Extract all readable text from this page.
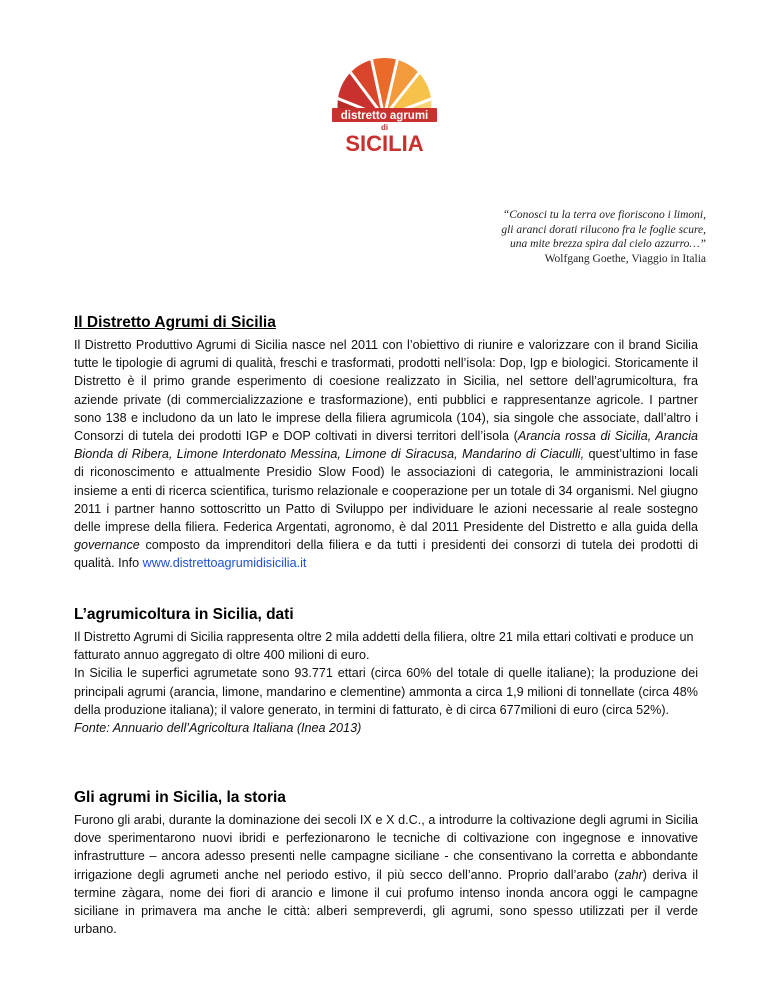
distretto agrumi
di
SICILIA
“Conosci tu la terra ove fioriscono i limoni,
gli aranci dorati rilucono fra le foglie scure,
una mite brezza spira dal cielo azzurro…”
Wolfgang Goethe, Viaggio in Italia
Il Distretto Agrumi di Sicilia

Il Distretto Produttivo Agrumi di Sicilia nasce nel 2011 con l’obiettivo di riunire e valorizzare con il brand Sicilia tutte le tipologie di agrumi di qualità, freschi e trasformati, prodotti nell’isola: Dop, Igp e biologici. Storicamente il Distretto è il primo grande esperimento di coesione realizzato in Sicilia, nel settore dell’agrumicoltura, fra aziende private (di commercializzazione e trasformazione), enti pubblici e rappresentanze agricole. I partner sono 138 e includono da un lato le imprese della filiera agrumicola (104), sia singole che associate, dall’altro i Consorzi di tutela dei prodotti IGP e DOP coltivati in diversi territori dell’isola (Arancia rossa di Sicilia, Arancia Bionda di Ribera, Limone Interdonato Messina, Limone di Siracusa, Mandarino di Ciaculli, quest’ultimo in fase di riconoscimento e attualmente Presidio Slow Food) le associazioni di categoria, le amministrazioni locali insieme a enti di ricerca scientifica, turismo relazionale e cooperazione per un totale di 34 organismi. Nel giugno 2011 i partner hanno sottoscritto un Patto di Sviluppo per individuare le azioni necessarie al reale sostegno delle imprese della filiera. Federica Argentati, agronomo, è dal 2011 Presidente del Distretto e alla guida della governance composto da imprenditori della filiera e da tutti i presidenti dei consorzi di tutela dei prodotti di qualità. Info www.distrettoagrumidisicilia.it

L’agrumicoltura in Sicilia, dati

Il Distretto Agrumi di Sicilia rappresenta oltre 2 mila addetti della filiera, oltre 21 mila ettari coltivati e produce un fatturato annuo aggregato di oltre 400 milioni di euro.

In Sicilia le superfici agrumetate sono 93.771 ettari (circa 60% del totale di quelle italiane); la produzione dei principali agrumi (arancia, limone, mandarino e clementine) ammonta a circa 1,9 milioni di tonnellate (circa 48% della produzione italiana); il valore generato, in termini di fatturato, è di circa 677milioni di euro (circa 52%).

Fonte: Annuario dell’Agricoltura Italiana (Inea 2013)

Gli agrumi in Sicilia, la storia

Furono gli arabi, durante la dominazione dei secoli IX e X d.C., a introdurre la coltivazione degli agrumi in Sicilia dove sperimentarono nuovi ibridi e perfezionarono le tecniche di coltivazione con ingegnose e innovative infrastrutture – ancora adesso presenti nelle campagne siciliane - che consentivano la corretta e abbondante irrigazione degli agrumeti anche nel periodo estivo, il più secco dell’anno. Proprio dall’arabo (zahr) deriva il termine zàgara, nome dei fiori di arancio e limone il cui profumo intenso inonda ancora oggi le campagne siciliane in primavera ma anche le città: alberi sempreverdi, gli agrumi, sono spesso utilizzati per il verde urbano.
